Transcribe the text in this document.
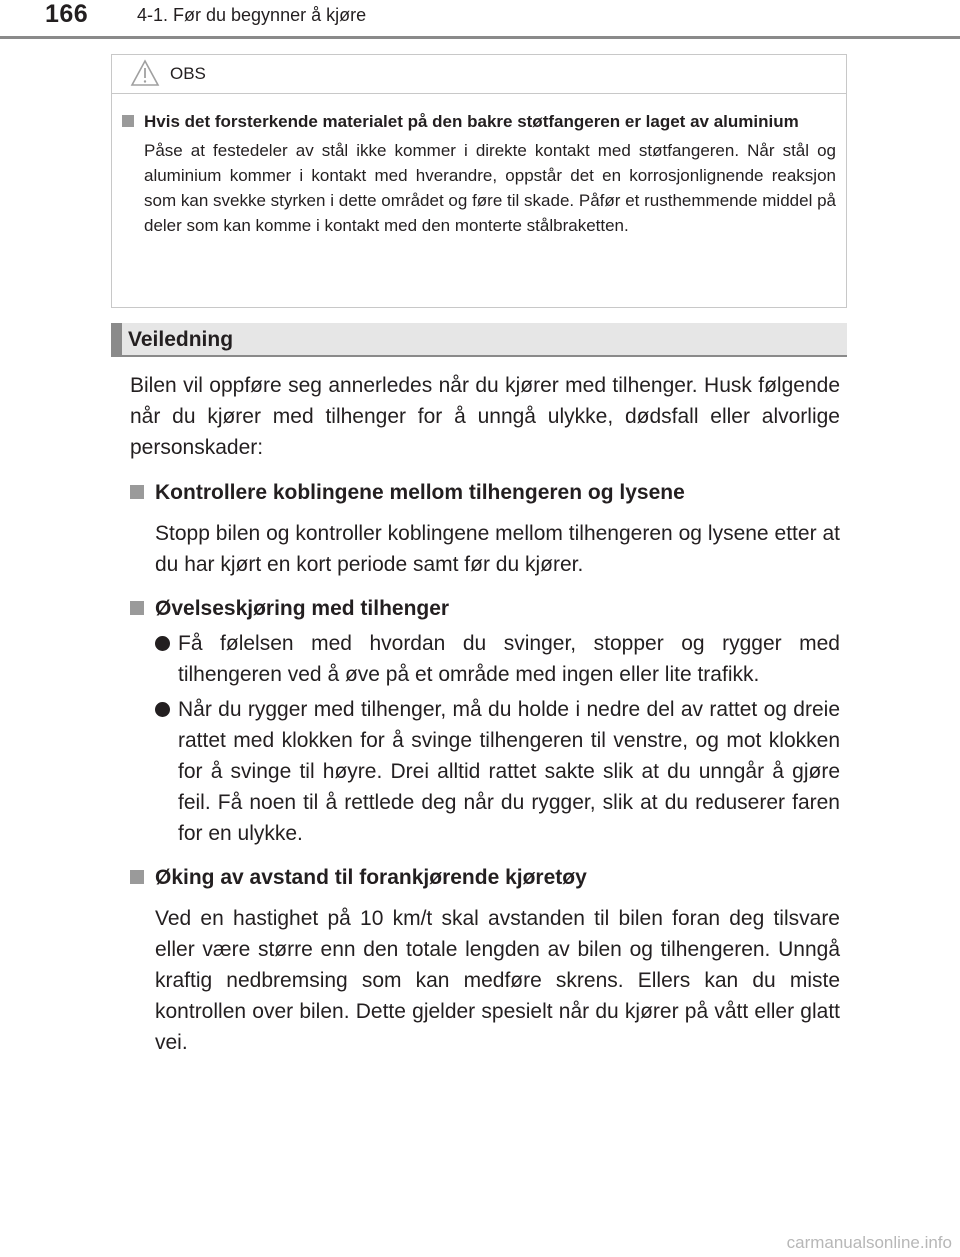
166	4-1. Før du begynner å kjøre
OBS
Hvis det forsterkende materialet på den bakre støtfangeren er laget av aluminium
Påse at festedeler av stål ikke kommer i direkte kontakt med støtfangeren. Når stål og aluminium kommer i kontakt med hverandre, oppstår det en korrosjonlignende reaksjon som kan svekke styrken i dette området og føre til skade. Påfør et rusthemmende middel på deler som kan komme i kontakt med den monterte stålbraketten.
Veiledning

Bilen vil oppføre seg annerledes når du kjører med tilhenger. Husk følgende når du kjører med tilhenger for å unngå ulykke, dødsfall eller alvorlige personskader:

Kontrollere koblingene mellom tilhengeren og lysene
Stopp bilen og kontroller koblingene mellom tilhengeren og lysene etter at du har kjørt en kort periode samt før du kjører.
Øvelseskjøring med tilhenger
Få følelsen med hvordan du svinger, stopper og rygger med tilhengeren ved å øve på et område med ingen eller lite trafikk.
Når du rygger med tilhenger, må du holde i nedre del av rattet og dreie rattet med klokken for å svinge tilhengeren til venstre, og mot klokken for å svinge til høyre. Drei alltid rattet sakte slik at du unngår å gjøre feil. Få noen til å rettlede deg når du rygger, slik at du reduserer faren for en ulykke.
Øking av avstand til forankjørende kjøretøy
Ved en hastighet på 10 km/t skal avstanden til bilen foran deg tilsvare eller være større enn den totale lengden av bilen og tilhengeren. Unngå kraftig nedbremsing som kan medføre skrens. Ellers kan du miste kontrollen over bilen. Dette gjelder spesielt når du kjører på vått eller glatt vei.
carmanualsonline.info
